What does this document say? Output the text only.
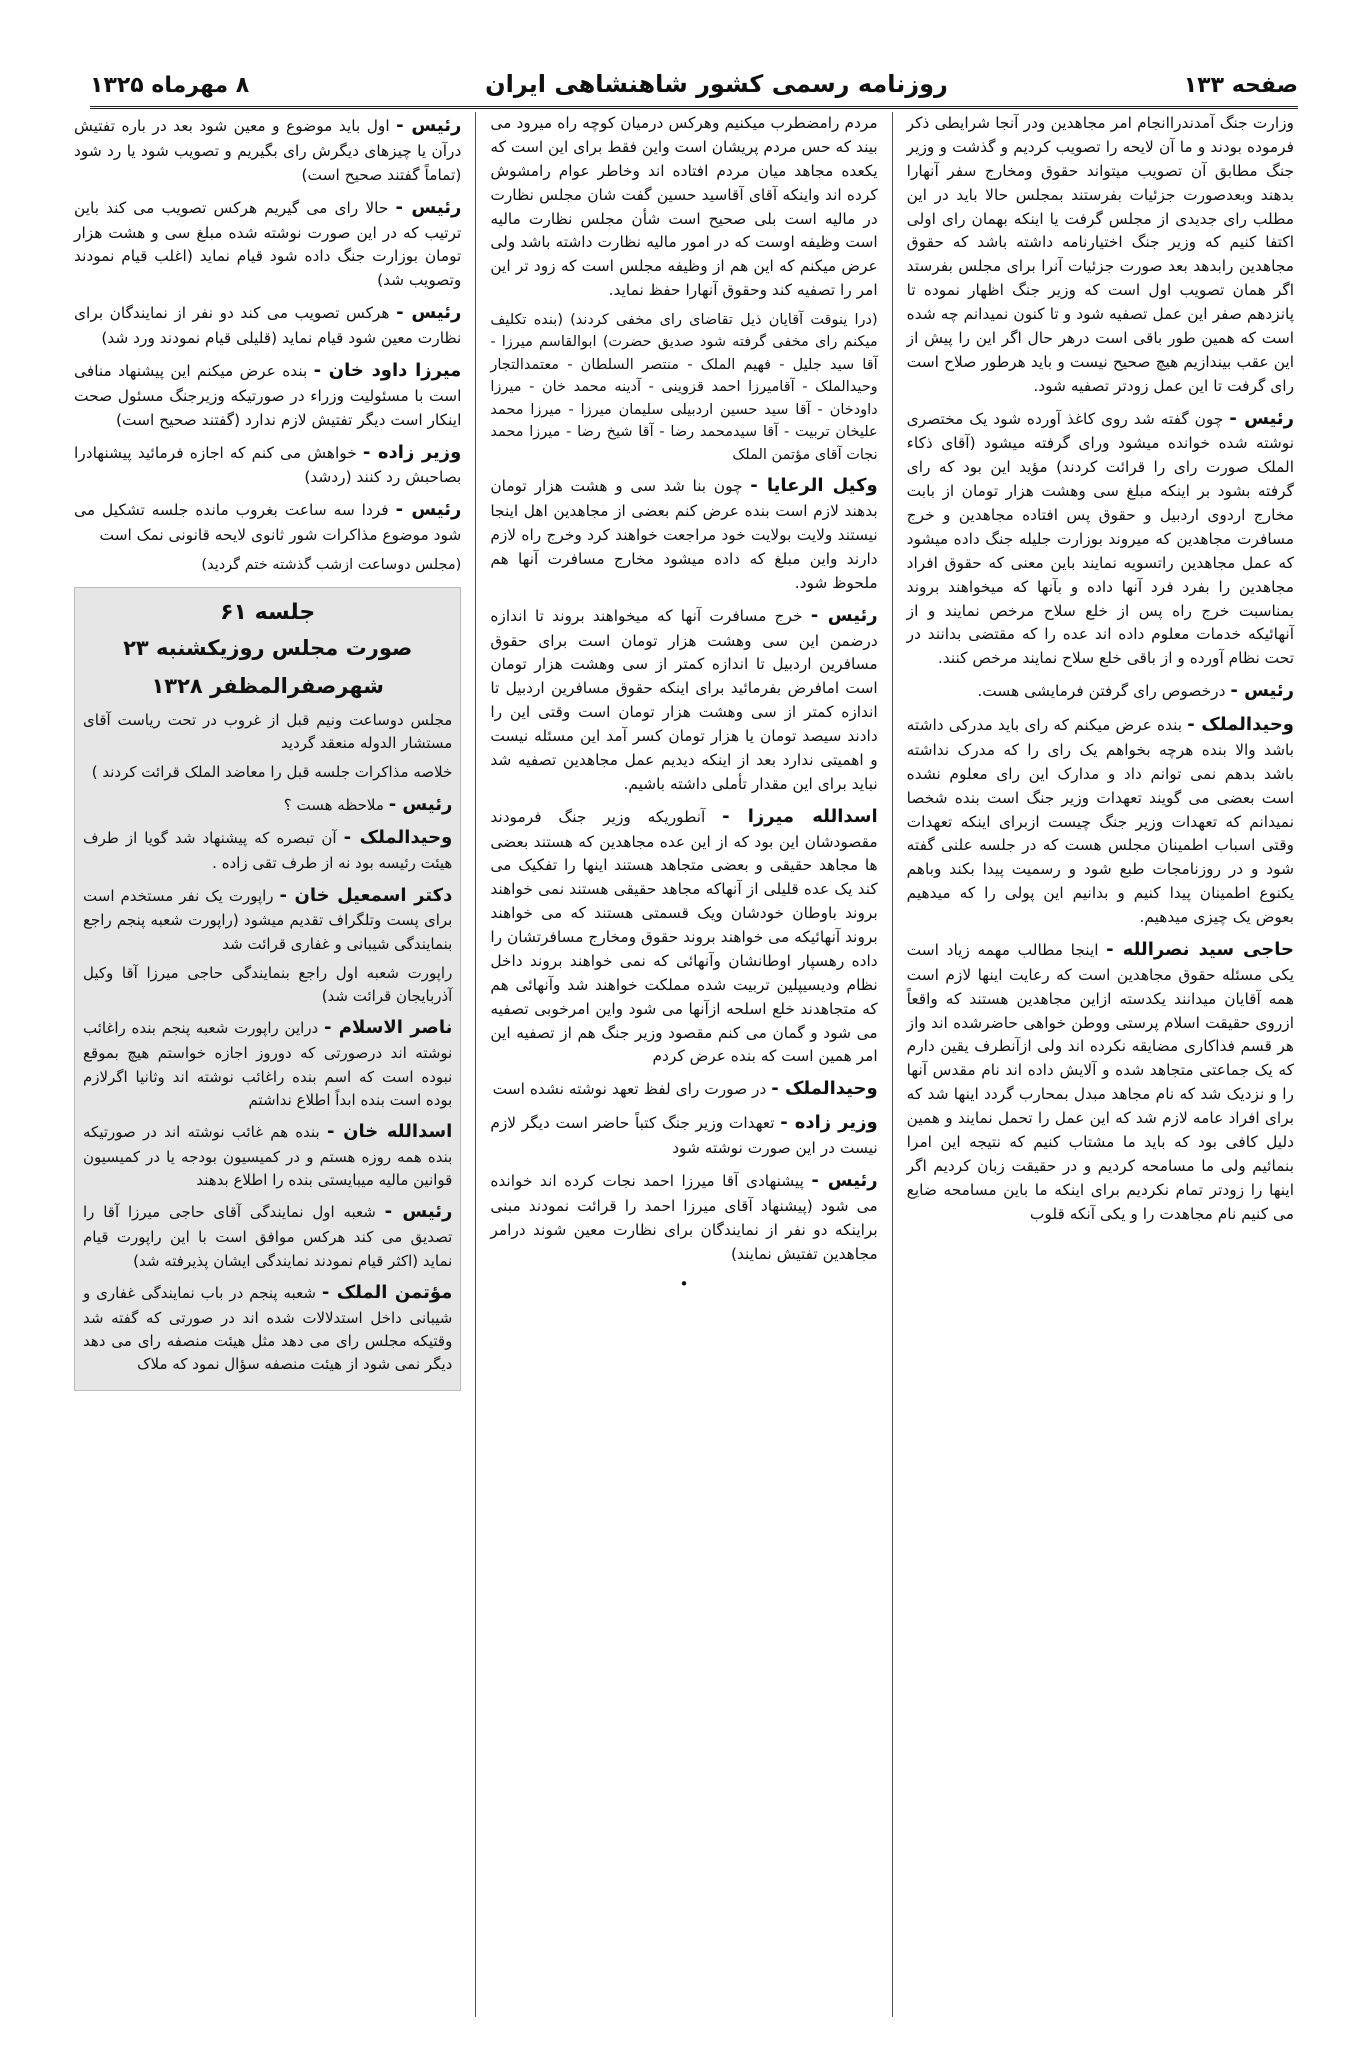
صفحه ۱۳۳
روزنامه رسمی کشور شاهنشاهی ایران
۸ مهرماه ۱۳۲۵

وزارت جنگ آمدندراانجام امر مجاهدین ودر آنجا شرایطی ذکر فرموده بودند و ما آن لایحه را تصویب کردیم و گذشت و وزیر جنگ مطابق آن تصویب میتواند حقوق ومخارج سفر آنهارا بدهند وبعدصورت جزئیات بفرستند بمجلس حالا باید در این مطلب رای جدیدی از مجلس گرفت یا اینکه بهمان رای اولی اکتفا کنیم که وزیر جنگ اختیارنامه داشته باشد که حقوق مجاهدین رابدهد بعد صورت جزئیات آنرا برای مجلس بفرستد اگر همان تصویب اول است که وزیر جنگ اظهار نموده تا پانزدهم صفر این عمل تصفیه شود و تا کنون نمیدانم چه شده است که همین طور باقی است درهر حال اگر این را پیش از این عقب بیندازیم هیچ صحیح نیست و باید هرطور صلاح است رای گرفت تا این عمل زودتر تصفیه شود.

رئیس - چون گفته شد روی کاغذ آورده شود یک مختصری نوشته شده خوانده میشود ورای گرفته میشود (آقای ذکاء الملک صورت رای را قرائت کردند) مؤید این بود که رای گرفته بشود بر اینکه مبلغ سی وهشت هزار تومان از بابت مخارج اردوی اردبیل و حقوق پس افتاده مجاهدین و خرج مسافرت مجاهدین که میروند بوزارت جلیله جنگ داده میشود که عمل مجاهدین راتسویه نمایند باین معنی که حقوق افراد مجاهدین را بفرد فرد آنها داده و بآنها که میخواهند بروند بمناسبت خرج راه پس از خلع سلاح مرخص نمایند و از آنهائیکه خدمات معلوم داده اند عده را که مقتضی بدانند در تحت نظام آورده و از باقی خلع سلاح نمایند مرخص کنند.

رئیس - درخصوص رای گرفتن فرمایشی هست.

وحیدالملک - بنده عرض میکنم که رای باید مدرکی داشته باشد والا بنده هرچه بخواهم یک رای را که مدرک نداشته باشد بدهم نمی توانم داد و مدارک این رای معلوم نشده است بعضی می گویند تعهدات وزیر جنگ است بنده شخصا نمیدانم که تعهدات وزیر جنگ چیست ازبرای اینکه تعهدات وقتی اسباب اطمینان مجلس هست که در جلسه علنی گفته شود و در روزنامجات طبع شود و رسمیت پیدا بکند وباهم یکنوع اطمینان پیدا کنیم و بدانیم این پولی را که میدهیم بعوض یک چیزی میدهیم.

حاجی سید نصرالله - اینجا مطالب مهمه زیاد است یکی مسئله حقوق مجاهدین است که رعایت اینها لازم است همه آقایان میدانند یکدسته ازاین مجاهدین هستند که واقعاً ازروی حقیقت اسلام پرستی ووطن خواهی حاضرشده اند واز هر قسم فداکاری مضایقه نکرده اند ولی ازآنطرف یقین دارم که یک جماعتی متجاهد شده و آلایش داده اند نام مقدس آنها را و نزدیک شد که نام مجاهد مبدل بمحارب گردد اینها شد که برای افراد عامه لازم شد که این عمل را تحمل نمایند و همین دلیل کافی بود که باید ما مشتاب کنیم که نتیجه این امرا بنمائیم ولی ما مسامحه کردیم و در حقیقت زبان کردیم اگر اینها را زودتر تمام نکردیم برای اینکه ما باین مسامحه ضایع می کنیم نام مجاهدت را و یکی آنکه قلوب

مردم رامضطرب میکنیم وهرکس درمیان کوچه راه میرود می بیند که حس مردم پریشان است واین فقط برای این است که یکعده مجاهد میان مردم افتاده اند وخاطر عوام رامشوش کرده اند واینکه آقای آقاسید حسین گفت شان مجلس نظارت در مالیه است بلی صحیح است شأن مجلس نظارت مالیه است وظیفه اوست که در امور مالیه نظارت داشته باشد ولی عرض میکنم که این هم از وظیفه مجلس است که زود تر این امر را تصفیه کند وحقوق آنهارا حفظ نماید.

(درا ینوقت آقایان ذیل تقاضای رای مخفی کردند) (بنده تکلیف میکنم رای مخفی گرفته شود صدیق حضرت) ابوالقاسم میرزا - آقا سید جلیل - فهیم الملک - منتصر السلطان - معتمدالتجار وحیدالملک - آقامیرزا احمد قزوینی - آدینه محمد خان - میرزا داودخان - آقا سید حسین اردبیلی سلیمان میرزا - میرزا محمد علیخان تربیت - آقا سیدمحمد رضا - آقا شیخ رضا - میرزا محمد نجات آقای مؤتمن الملک

وکیل الرعایا - چون بنا شد سی و هشت هزار تومان بدهند لازم است بنده عرض کنم بعضی از مجاهدین اهل اینجا نیستند ولایت بولایت خود مراجعت خواهند کرد وخرج راه لازم دارند واین مبلغ که داده میشود مخارج مسافرت آنها هم ملحوظ شود.

رئیس - خرج مسافرت آنها که میخواهند بروند تا اندازه درضمن این سی وهشت هزار تومان است برای حقوق مسافرین اردبیل تا اندازه کمتر از سی وهشت هزار تومان است امافرض بفرمائید برای اینکه حقوق مسافرین اردبیل تا اندازه کمتر از سی وهشت هزار تومان است وقتی این را دادند سیصد تومان یا هزار تومان کسر آمد این مسئله نیست و اهمیتی ندارد بعد از اینکه دیدیم عمل مجاهدین تصفیه شد نباید برای این مقدار تأملی داشته باشیم.

اسدالله میرزا - آنطوریکه وزیر جنگ فرمودند مقصودشان این بود که از این عده مجاهدین که هستند بعضی ها مجاهد حقیقی و بعضی متجاهد هستند اینها را تفکیک می کند یک عده قلیلی از آنهاکه مجاهد حقیقی هستند نمی خواهند بروند باوطان خودشان ویک قسمتی هستند که می خواهند بروند آنهائیکه می خواهند بروند حقوق ومخارج مسافرتشان را داده رهسپار اوطانشان وآنهائی که نمی خواهند بروند داخل نظام ودیسیپلین تربیت شده مملکت خواهند شد وآنهائی هم که متجاهدند خلع اسلحه ازآنها می شود واین امرخوبی تصفیه می شود و گمان می کنم مقصود وزیر جنگ هم از تصفیه این امر همین است که بنده عرض کردم

وحیدالملک - در صورت رای لفظ تعهد نوشته نشده است

وزیر زاده - تعهدات وزیر جنگ کتباً حاضر است دیگر لازم نیست در این صورت نوشته شود

رئیس - پیشنهادی آقا میرزا احمد نجات کرده اند خوانده می شود (پیشنهاد آقای میرزا احمد را قرائت نمودند مبنی براینکه دو نفر از نمایندگان برای نظارت معین شوند درامر مجاهدین تفتیش نمایند)

•

رئیس - اول باید موضوع و معین شود بعد در باره تفتیش درآن یا چیزهای دیگرش رای بگیریم و تصویب شود یا رد شود (تماماً گفتند صحیح است)

رئیس - حالا رای می گیریم هرکس تصویب می کند باین ترتیب که در این صورت نوشته شده مبلغ سی و هشت هزار تومان بوزارت جنگ داده شود قیام نماید (اغلب قیام نمودند وتصویب شد)

رئیس - هرکس تصویب می کند دو نفر از نمایندگان برای نظارت معین شود قیام نماید (قلیلی قیام نمودند ورد شد)

میرزا داود خان - بنده عرض میکنم این پیشنهاد منافی است با مسئولیت وزراء در صورتیکه وزیرجنگ مسئول صحت اینکار است دیگر تفتیش لازم ندارد (گفتند صحیح است)

وزیر زاده - خواهش می کنم که اجازه فرمائید پیشنهادرا بصاحبش رد کنند (ردشد)

رئیس - فردا سه ساعت بغروب مانده جلسه تشکیل می شود موضوع مذاکرات شور ثانوی لایحه قانونی نمک است

(مجلس دوساعت ازشب گذشته ختم گردید)

جلسه ۶۱
صورت مجلس روزیکشنبه ۲۳
شهرصفرالمظفر ۱۳۲۸

مجلس دوساعت ونیم قبل از غروب در تحت ریاست آقای مستشار الدوله منعقد گردید

خلاصه مذاکرات جلسه قبل را معاضد الملک قرائت کردند )

رئیس - ملاحظه هست ؟

وحیدالملک - آن تبصره که پیشنهاد شد گویا از طرف هیئت رئیسه بود نه از طرف تقی زاده .

دکتر اسمعیل خان - راپورت یک نفر مستخدم است برای پست وتلگراف تقدیم میشود (راپورت شعبه پنجم راجع بنمایندگی شیبانی و غفاری قرائت شد

راپورت شعبه اول راجع بنمایندگی حاجی میرزا آقا وکیل آذربایجان قرائت شد)

ناصر الاسلام - دراین راپورت شعبه پنجم بنده راغائب نوشته اند درصورتی که دوروز اجازه خواستم هیچ بموقع نبوده است که اسم بنده راغائب نوشته اند وثانیا اگرلازم بوده است بنده ابداً اطلاع نداشتم

اسدالله خان - بنده هم غائب نوشته اند در صورتیکه بنده همه روزه هستم و در کمیسیون بودجه یا در کمیسیون قوانین مالیه میبایستی بنده را اطلاع بدهند

رئیس - شعبه اول نمایندگی آقای حاجی میرزا آقا را تصدیق می کند هرکس موافق است با این راپورت قیام نماید (اکثر قیام نمودند نمایندگی ایشان پذیرفته شد)

مؤتمن الملک - شعبه پنجم در باب نمایندگی غفاری و شیبانی داخل استدلالات شده اند در صورتی که گفته شد وقتیکه مجلس رای می دهد مثل هیئت منصفه رای می دهد دیگر نمی شود از هیئت منصفه سؤال نمود که ملاک
